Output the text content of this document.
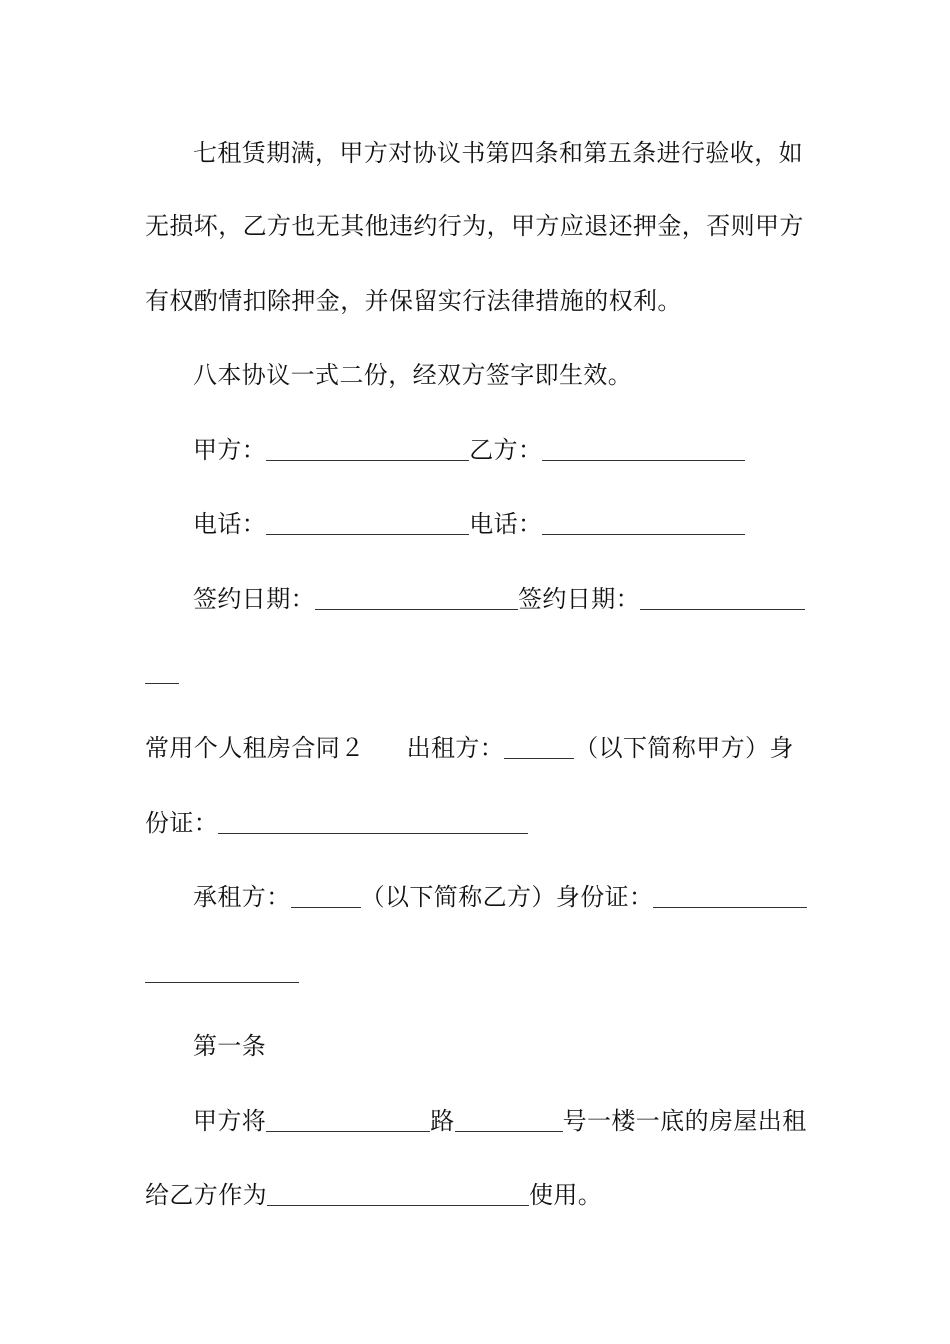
七租赁期满，甲方对协议书第四条和第五条进行验收，如
无损坏，乙方也无其他违约行为，甲方应退还押金，否则甲方
有权酌情扣除押金，并保留实行法律措施的权利。
八本协议一式二份，经双方签字即生效。
甲方：	乙方：
电话：	电话：
签约日期：	签约日期：
常用个人租房合同２ 出租方：	（以下简称甲方）身
份证：
承租方：	（以下简称乙方）身份证：
第一条
甲方将	路	号一楼一底的房屋出租
给乙方作为	使用。
